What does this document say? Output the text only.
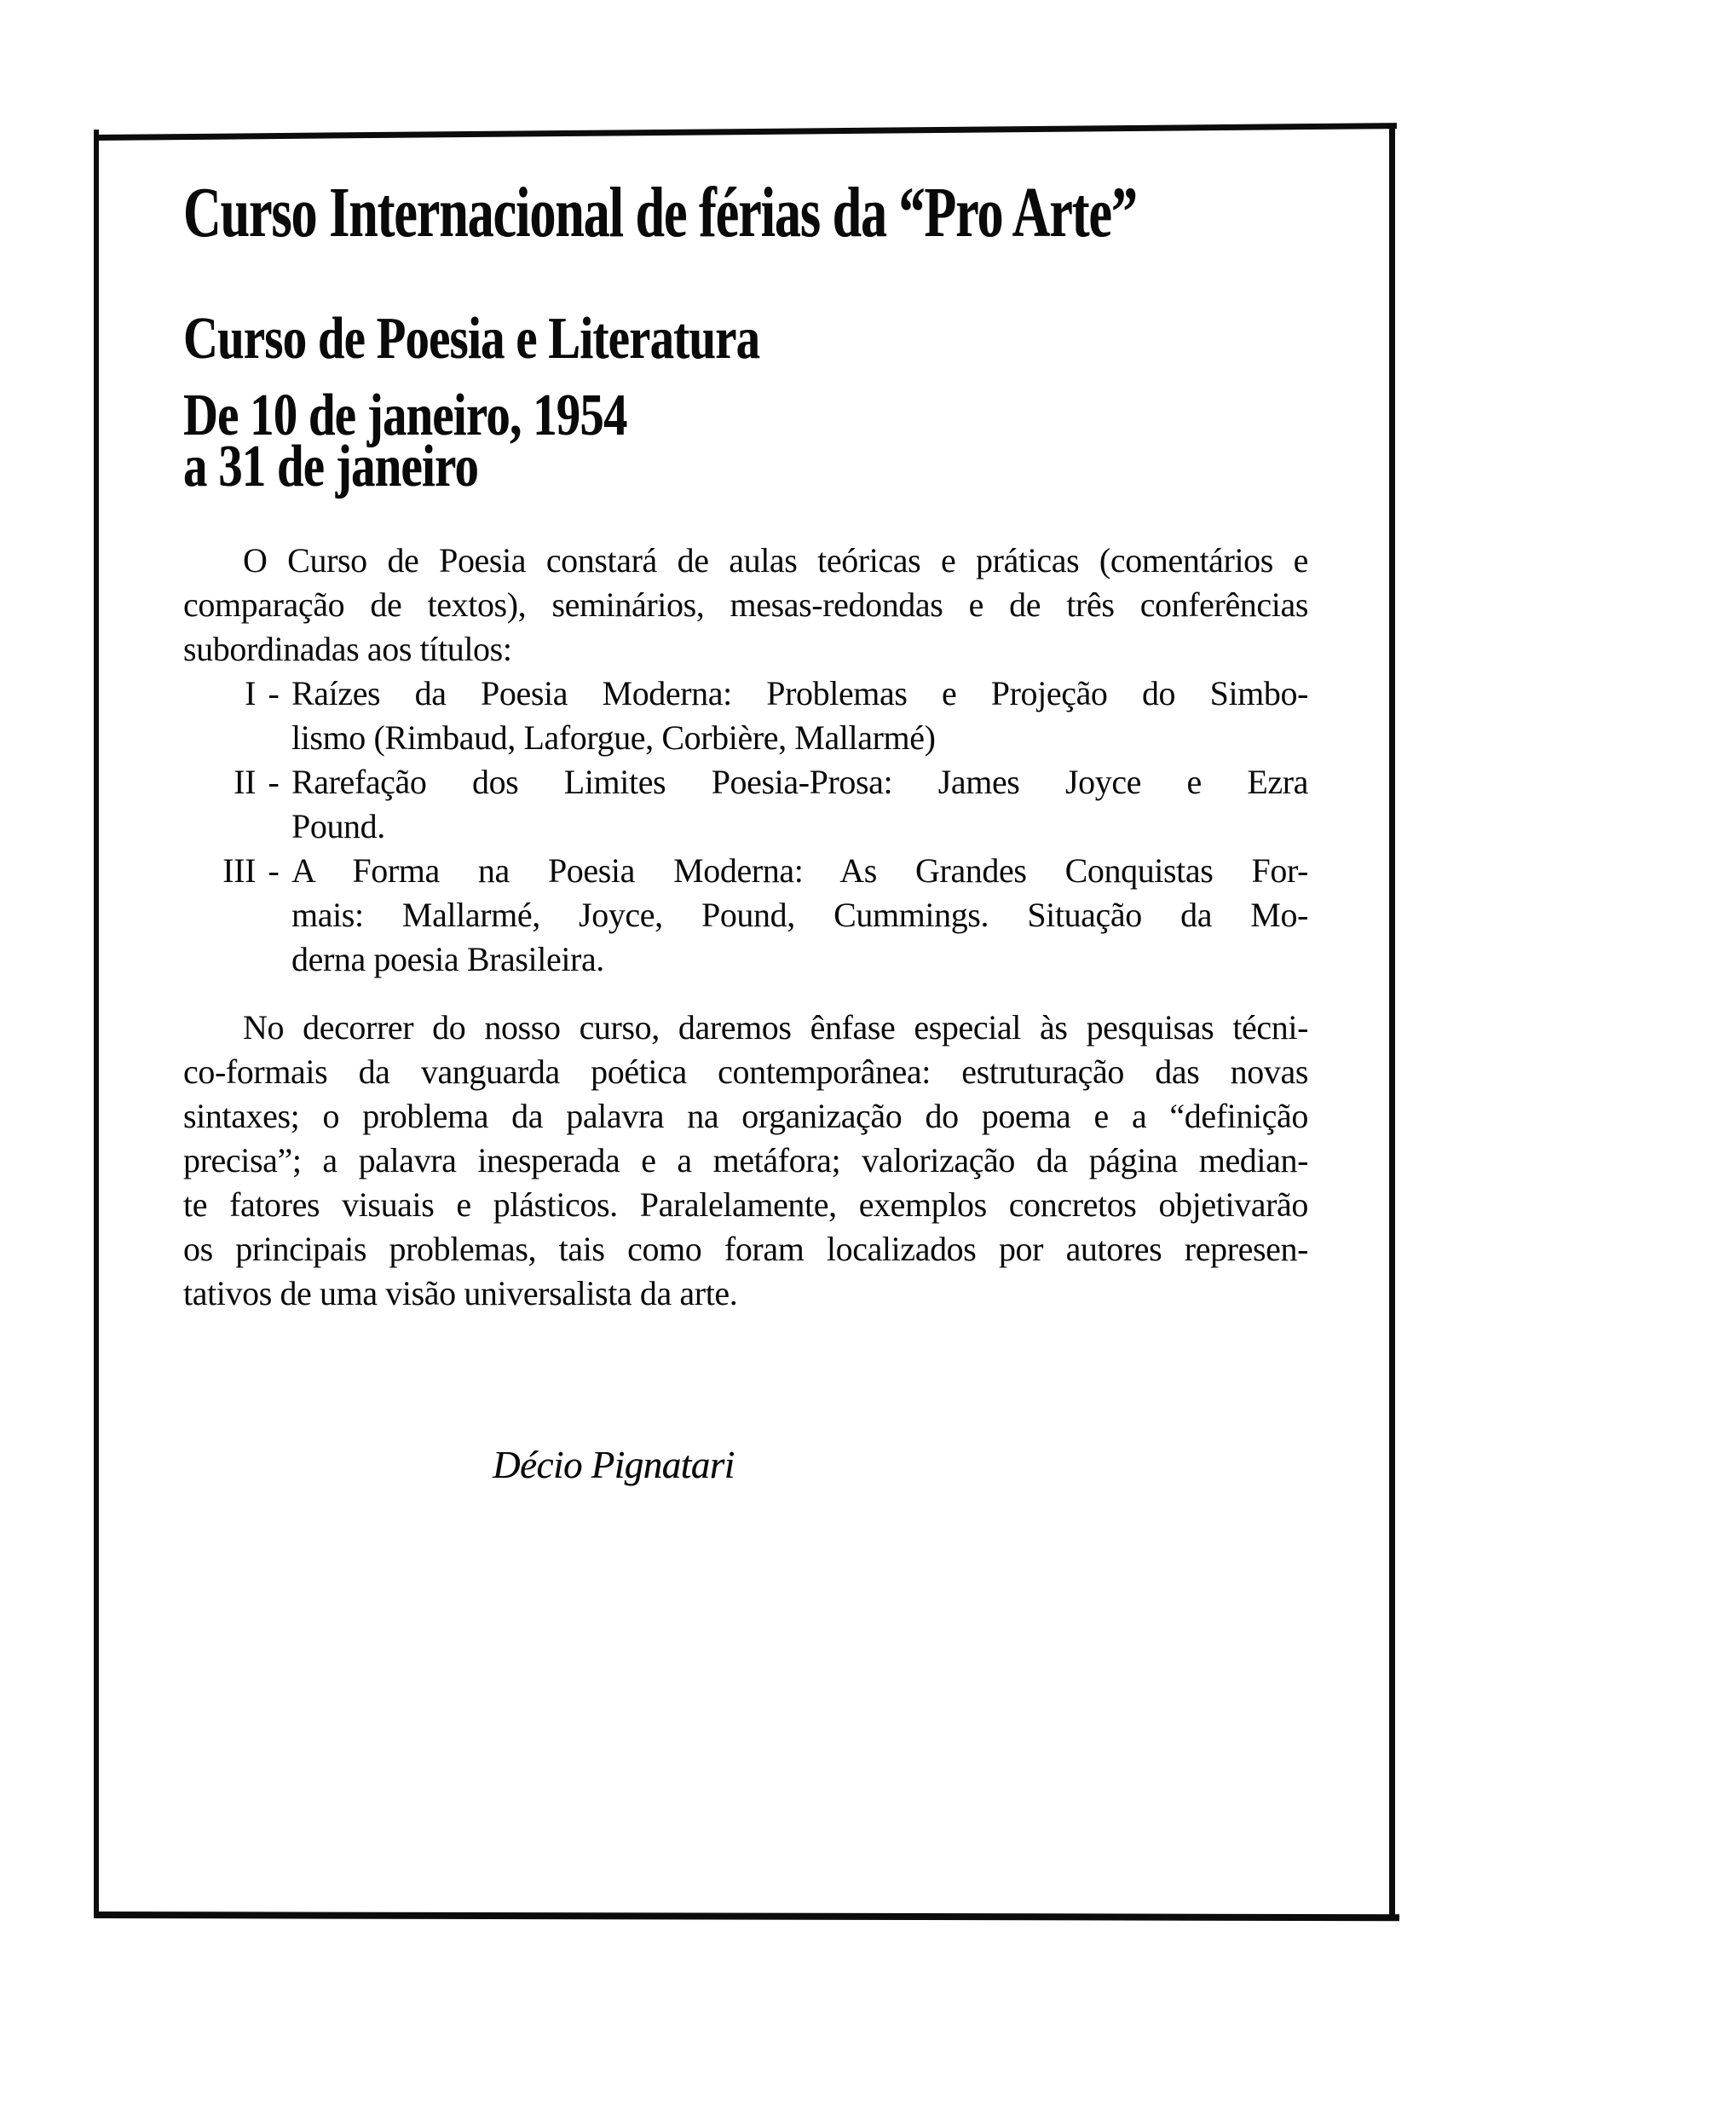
Curso Internacional de férias da “Pro Arte”
Curso de Poesia e Literatura
De 10 de janeiro, 1954
a 31 de janeiro
O Curso de Poesia constará de aulas teóricas e práticas (comentários e
comparação de textos), seminários, mesas-redondas e de três conferências
subordinadas aos títulos:
I - Raízes da Poesia Moderna: Problemas e Projeção do Simbo-
lismo (Rimbaud, Laforgue, Corbière, Mallarmé)
II - Rarefação dos Limites Poesia-Prosa: James Joyce e Ezra
Pound.
III - A Forma na Poesia Moderna: As Grandes Conquistas For-
mais: Mallarmé, Joyce, Pound, Cummings. Situação da Mo-
derna poesia Brasileira.
No decorrer do nosso curso, daremos ênfase especial às pesquisas técni-
co-formais da vanguarda poética contemporânea: estruturação das novas
sintaxes; o problema da palavra na organização do poema e a “definição
precisa”; a palavra inesperada e a metáfora; valorização da página median-
te fatores visuais e plásticos. Paralelamente, exemplos concretos objetivarão
os principais problemas, tais como foram localizados por autores represen-
tativos de uma visão universalista da arte.
Décio Pignatari
